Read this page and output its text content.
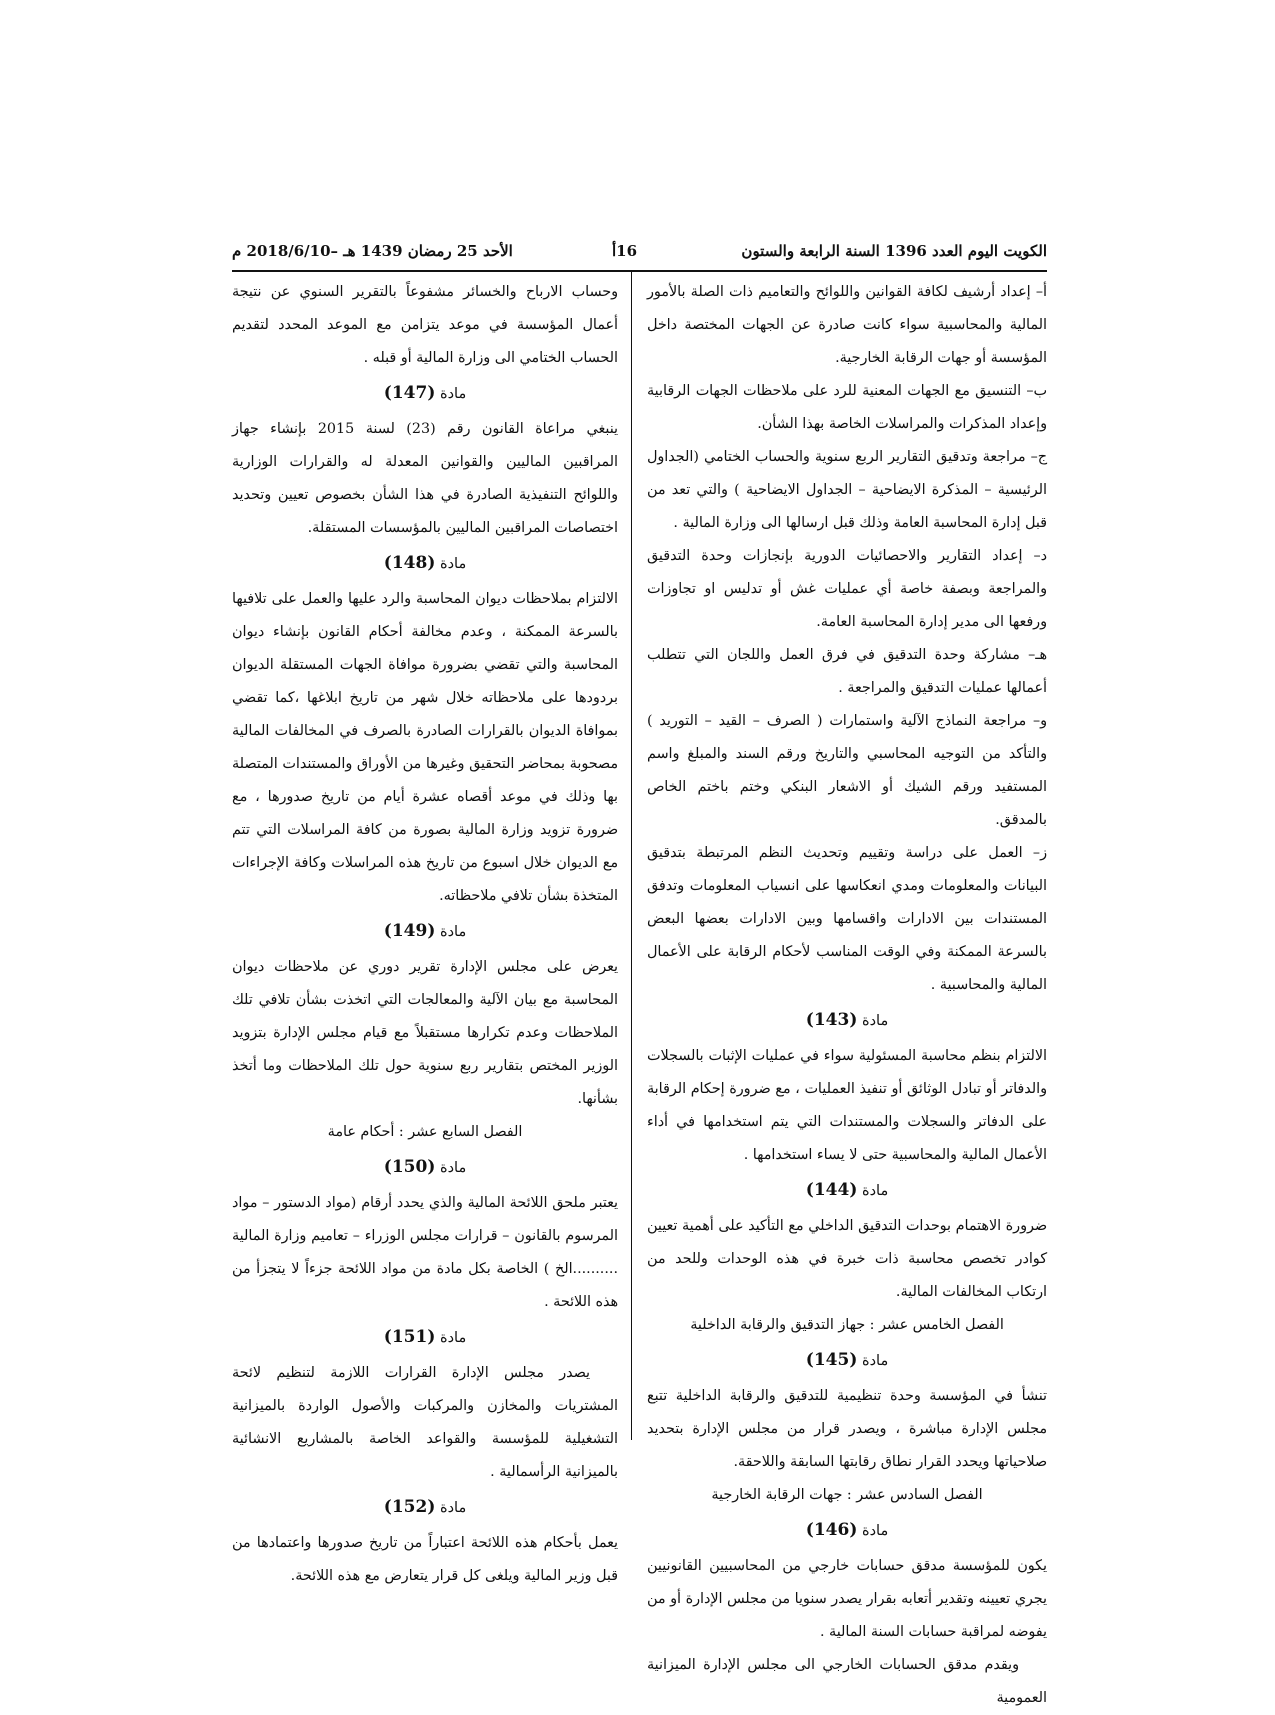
الكويت اليوم العدد 1396 السنة الرابعة والستون
16أ
الأحد 25 رمضان 1439 هـ –2018/6/10 م

أ– إعداد أرشيف لكافة القوانين واللوائح والتعاميم ذات الصلة بالأمور المالية والمحاسبية سواء كانت صادرة عن الجهات المختصة داخل المؤسسة أو جهات الرقابة الخارجية.

ب– التنسيق مع الجهات المعنية للرد على ملاحظات الجهات الرقابية وإعداد المذكرات والمراسلات الخاصة بهذا الشأن.

ج– مراجعة وتدقيق التقارير الربع سنوية والحساب الختامي (الجداول الرئيسية – المذكرة الايضاحية – الجداول الايضاحية ) والتي تعد من قبل إدارة المحاسبة العامة وذلك قبل ارسالها الى وزارة المالية .

د– إعداد التقارير والاحصائيات الدورية بإنجازات وحدة التدقيق والمراجعة وبصفة خاصة أي عمليات غش أو تدليس او تجاوزات ورفعها الى مدير إدارة المحاسبة العامة.

هـ– مشاركة وحدة التدقيق في فرق العمل واللجان التي تتطلب أعمالها عمليات التدقيق والمراجعة .

و– مراجعة النماذج الآلية واستمارات ( الصرف – القيد – التوريد ) والتأكد من التوجيه المحاسبي والتاريخ ورقم السند والمبلغ واسم المستفيد ورقم الشيك أو الاشعار البنكي وختم باختم الخاص بالمدقق.

ز– العمل على دراسة وتقييم وتحديث النظم المرتبطة بتدقيق البيانات والمعلومات ومدي انعكاسها على انسياب المعلومات وتدفق المستندات بين الادارات واقسامها وبين الادارات بعضها البعض بالسرعة الممكنة وفي الوقت المناسب لأحكام الرقابة على الأعمال المالية والمحاسبية .

مادة (143)

الالتزام بنظم محاسبة المسئولية سواء في عمليات الإثبات بالسجلات والدفاتر أو تبادل الوثائق أو تنفيذ العمليات ، مع ضرورة إحكام الرقابة على الدفاتر والسجلات والمستندات التي يتم استخدامها في أداء الأعمال المالية والمحاسبية حتى لا يساء استخدامها .

مادة (144)

ضرورة الاهتمام بوحدات التدقيق الداخلي مع التأكيد على أهمية تعيين كوادر تخصص محاسبة ذات خبرة في هذه الوحدات وللحد من ارتكاب المخالفات المالية.

الفصل الخامس عشر : جهاز التدقيق والرقابة الداخلية

مادة (145)

تنشأ في المؤسسة وحدة تنظيمية للتدقيق والرقابة الداخلية تتبع مجلس الإدارة مباشرة ، ويصدر قرار من مجلس الإدارة بتحديد صلاحياتها ويحدد القرار نطاق رقابتها السابقة واللاحقة.

الفصل السادس عشر : جهات الرقابة الخارجية

مادة (146)

يكون للمؤسسة مدقق حسابات خارجي من المحاسبيين القانونيين يجري تعيينه وتقدير أتعابه بقرار يصدر سنويا من مجلس الإدارة أو من يفوضه لمراقبة حسابات السنة المالية .

ويقدم مدقق الحسابات الخارجي الى مجلس الإدارة الميزانية العمومية

وحساب الارباح والخسائر مشفوعاً بالتقرير السنوي عن نتيجة أعمال المؤسسة في موعد يتزامن مع الموعد المحدد لتقديم الحساب الختامي الى وزارة المالية أو قبله .

مادة (147)

ينبغي مراعاة القانون رقم (23) لسنة 2015 بإنشاء جهاز المراقبين الماليين والقوانين المعدلة له والقرارات الوزارية واللوائح التنفيذية الصادرة في هذا الشأن بخصوص تعيين وتحديد اختصاصات المراقبين الماليين بالمؤسسات المستقلة.

مادة (148)

الالتزام بملاحظات ديوان المحاسبة والرد عليها والعمل على تلافيها بالسرعة الممكنة ، وعدم مخالفة أحكام القانون بإنشاء ديوان المحاسبة والتي تقضي بضرورة موافاة الجهات المستقلة الديوان بردودها على ملاحظاته خلال شهر من تاريخ ابلاغها ،كما تقضي بموافاة الديوان بالقرارات الصادرة بالصرف في المخالفات المالية مصحوبة بمحاضر التحقيق وغيرها من الأوراق والمستندات المتصلة بها وذلك في موعد أقصاه عشرة أيام من تاريخ صدورها ، مع ضرورة تزويد وزارة المالية بصورة من كافة المراسلات التي تتم مع الديوان خلال اسبوع من تاريخ هذه المراسلات وكافة الإجراءات المتخذة بشأن تلافي ملاحظاته.

مادة (149)

يعرض على مجلس الإدارة تقرير دوري عن ملاحظات ديوان المحاسبة مع بيان الآلية والمعالجات التي اتخذت بشأن تلافي تلك الملاحظات وعدم تكرارها مستقبلاً مع قيام مجلس الإدارة بتزويد الوزير المختص بتقارير ربع سنوية حول تلك الملاحظات وما أتخذ بشأنها.

الفصل السابع عشر : أحكام عامة

مادة (150)

يعتبر ملحق اللائحة المالية والذي يحدد أرقام (مواد الدستور – مواد المرسوم بالقانون – قرارات مجلس الوزراء – تعاميم وزارة المالية ..........الخ ) الخاصة بكل مادة من مواد اللائحة جزءاً لا يتجزأ من هذه اللائحة .

مادة (151)

يصدر مجلس الإدارة القرارات اللازمة لتنظيم لائحة المشتريات والمخازن والمركبات والأصول الواردة بالميزانية التشغيلية للمؤسسة والقواعد الخاصة بالمشاريع الانشائية بالميزانية الرأسمالية .

مادة (152)

يعمل بأحكام هذه اللائحة اعتباراً من تاريخ صدورها واعتمادها من قبل وزير المالية ويلغى كل قرار يتعارض مع هذه اللائحة.
